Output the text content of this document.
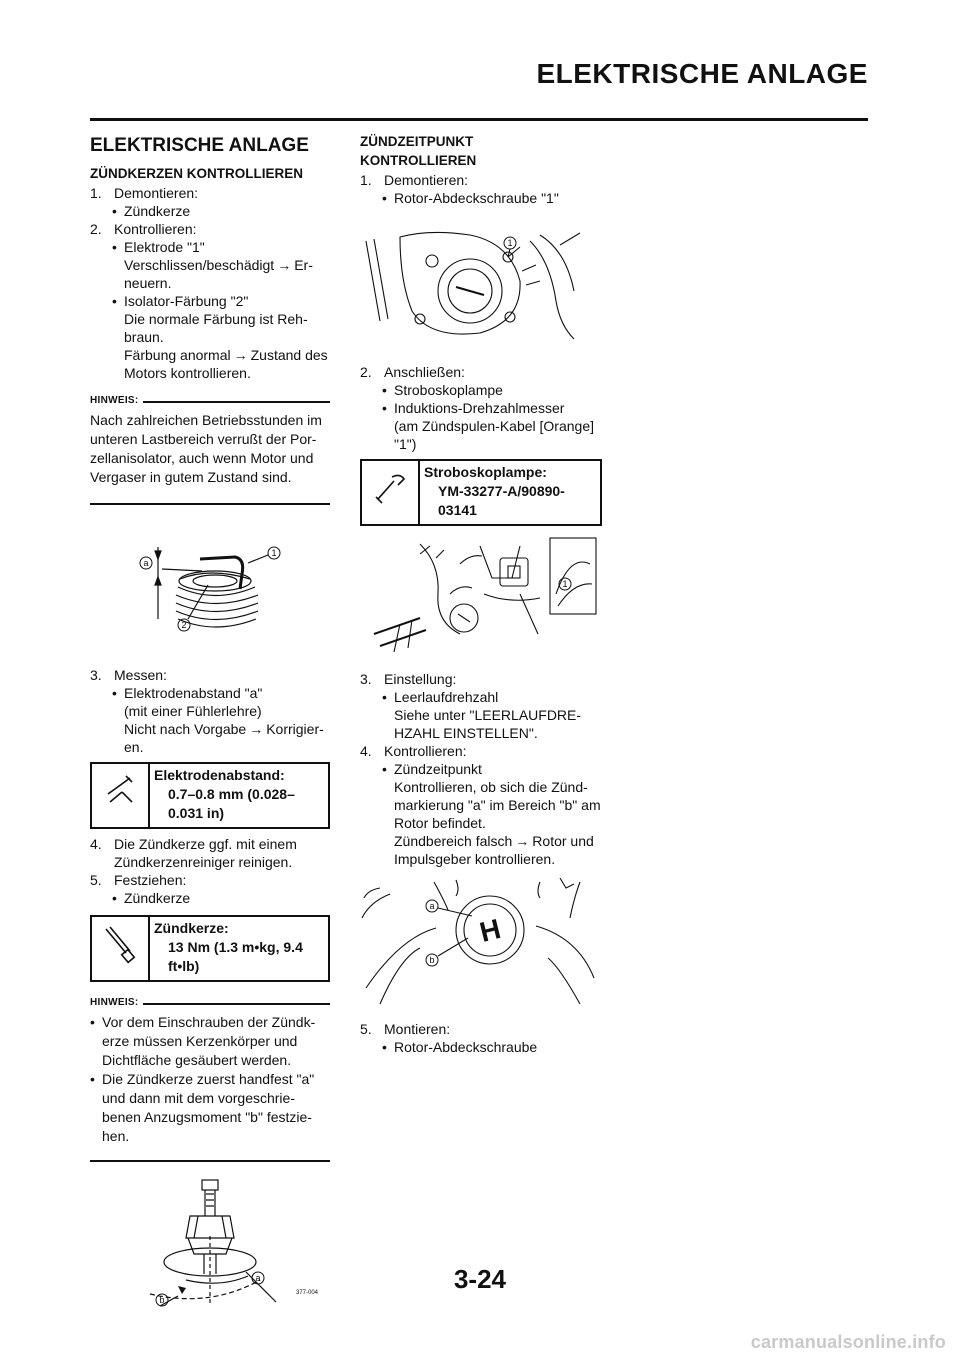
ELEKTRISCHE ANLAGE
ELEKTRISCHE ANLAGE
ZÜNDKERZEN KONTROLLIEREN
1. Demontieren:
• Zündkerze
2. Kontrollieren:
• Elektrode "1"
Verschlissen/beschädigt → Er-
neuern.
• Isolator-Färbung "2"
Die normale Färbung ist Reh-
braun.
Färbung anormal → Zustand des
Motors kontrollieren.
HINWEIS:
Nach zahlreichen Betriebsstunden im
unteren Lastbereich verrußt der Por-
zellanisolator, auch wenn Motor und
Vergaser in gutem Zustand sind.
a
1
2
3. Messen:
• Elektrodenabstand "a"
(mit einer Fühlerlehre)
Nicht nach Vorgabe → Korrigier-
en.
Elektrodenabstand:
0.7–0.8 mm (0.028–
0.031 in)
4. Die Zündkerze ggf. mit einem
Zündkerzenreiniger reinigen.
5. Festziehen:
• Zündkerze
Zündkerze:
13 Nm (1.3 m•kg, 9.4
ft•lb)
HINWEIS:
• Vor dem Einschrauben der Zündk-
erze müssen Kerzenkörper und
Dichtfläche gesäubert werden.
• Die Zündkerze zuerst handfest "a"
und dann mit dem vorgeschrie-
benen Anzugsmoment "b" festzie-
hen.
a
b
377-004
ZÜNDZEITPUNKT
KONTROLLIEREN
1. Demontieren:
• Rotor-Abdeckschraube "1"
1
2. Anschließen:
• Stroboskoplampe
• Induktions-Drehzahlmesser
(am Zündspulen-Kabel [Orange]
"1")
Stroboskoplampe:
YM-33277-A/90890-
03141
1
3. Einstellung:
• Leerlaufdrehzahl
Siehe unter "LEERLAUFDRE-
HZAHL EINSTELLEN".
4. Kontrollieren:
• Zündzeitpunkt
Kontrollieren, ob sich die Zünd-
markierung "a" im Bereich "b" am
Rotor befindet.
Zündbereich falsch → Rotor und
Impulsgeber kontrollieren.
H
a
b
5. Montieren:
• Rotor-Abdeckschraube
3-24
carmanualsonline.info
